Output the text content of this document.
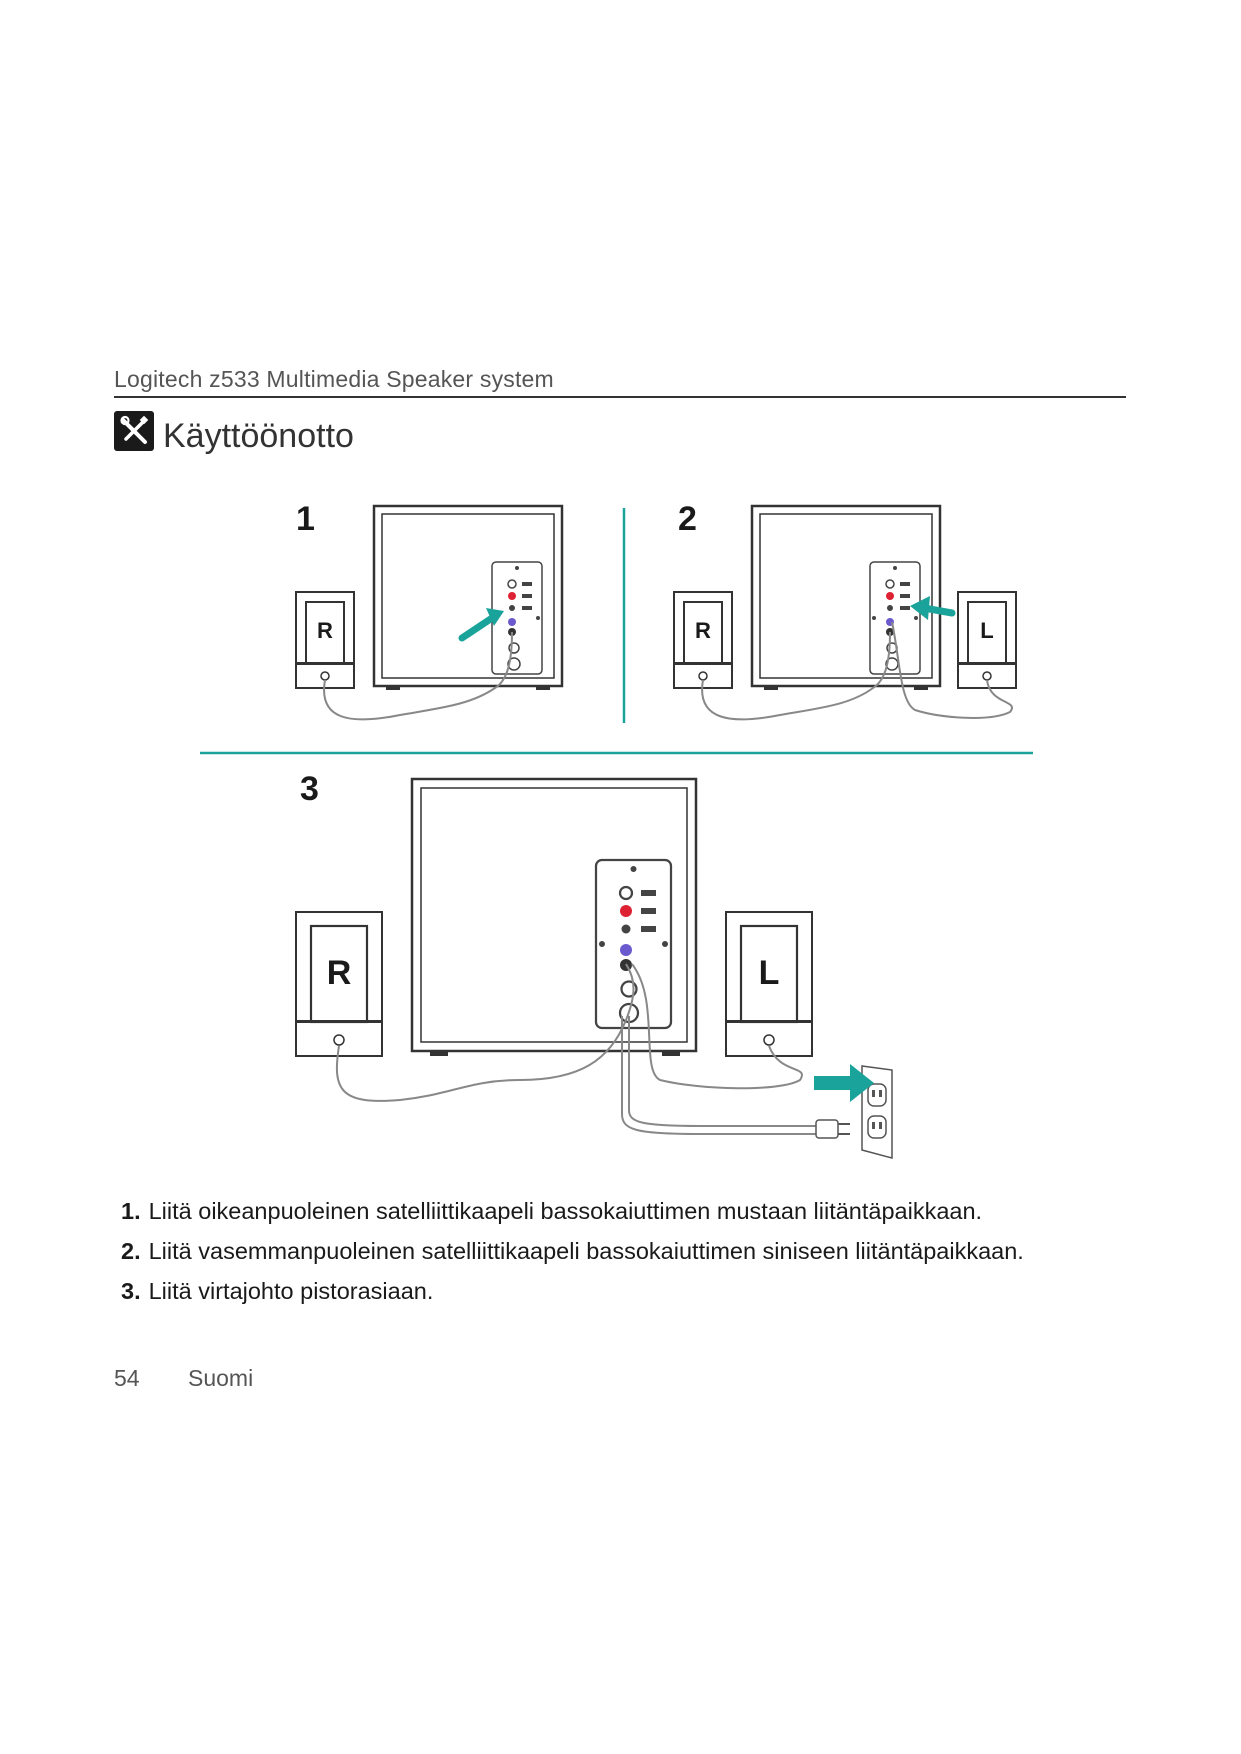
Logitech z533 Multimedia Speaker system
Käyttöönotto
1	2
3
R	R	L
R	L
1. Liitä oikeanpuoleinen satelliittikaapeli bassokaiuttimen mustaan liitäntäpaikkaan.
2. Liitä vasemmanpuoleinen satelliittikaapeli bassokaiuttimen siniseen liitäntäpaikkaan.
3. Liitä virtajohto pistorasiaan.
54 Suomi
